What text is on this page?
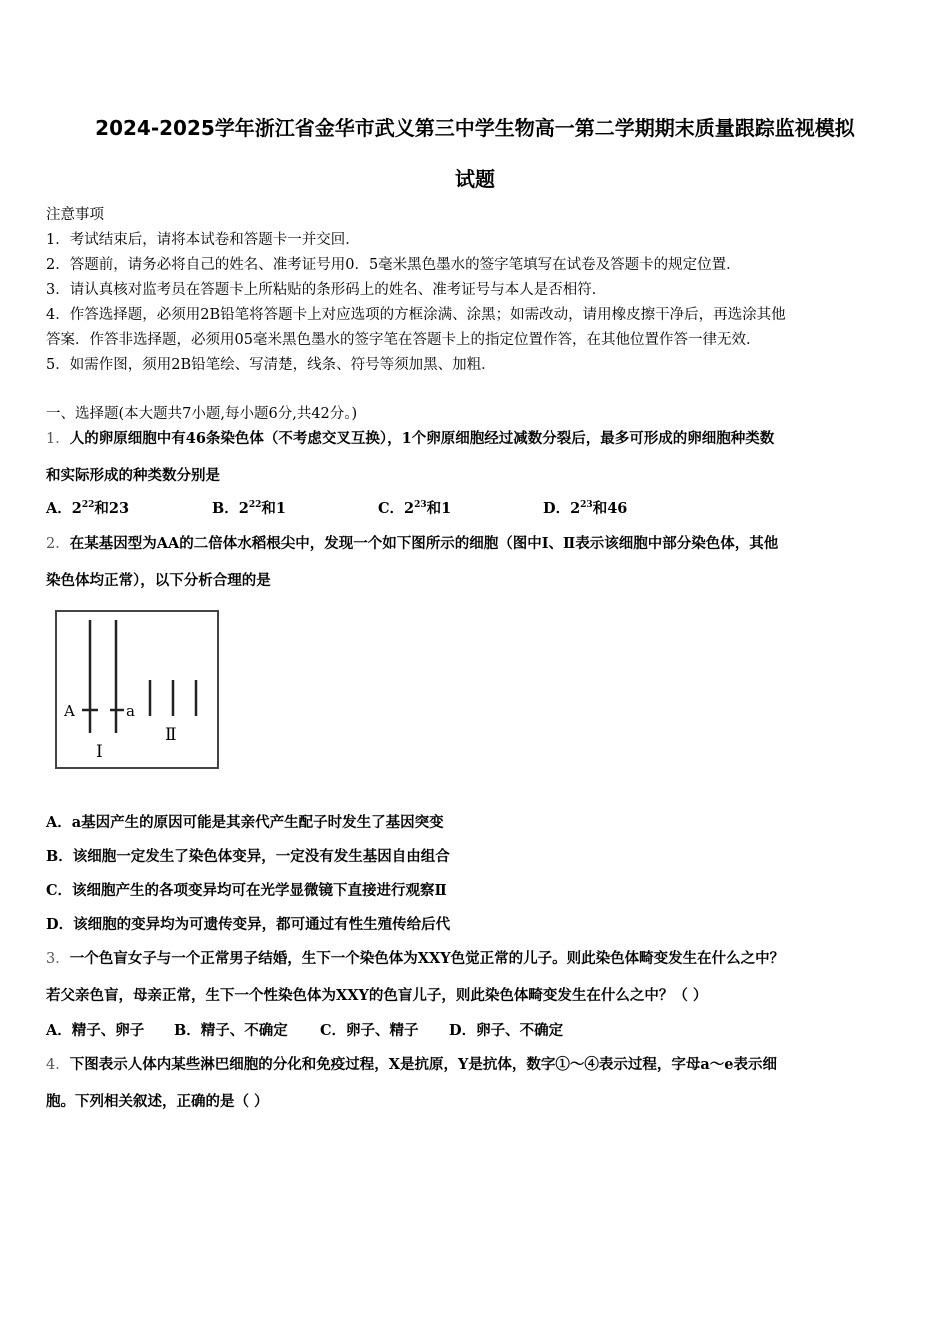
2024-2025学年浙江省金华市武义第三中学生物高一第二学期期末质量跟踪监视模拟
试题
注意事项
1．考试结束后，请将本试卷和答题卡一并交回．
2．答题前，请务必将自己的姓名、准考证号用0．5毫米黑色墨水的签字笔填写在试卷及答题卡的规定位置．
3．请认真核对监考员在答题卡上所粘贴的条形码上的姓名、准考证号与本人是否相符．
4．作答选择题，必须用2B铅笔将答题卡上对应选项的方框涂满、涂黑；如需改动，请用橡皮擦干净后，再选涂其他
答案．作答非选择题，必须用05毫米黑色墨水的签字笔在答题卡上的指定位置作答，在其他位置作答一律无效．
5．如需作图，须用2B铅笔绘、写清楚，线条、符号等须加黑、加粗．
一、选择题(本大题共7小题,每小题6分,共42分。)
1．人的卵原细胞中有46条染色体（不考虑交叉互换），1个卵原细胞经过减数分裂后，最多可形成的卵细胞种类数
和实际形成的种类数分别是
A．$2^{22}$和23	B．$2^{22}$和1	C．$2^{23}$和1	D．$2^{23}$和46
2．在某基因型为AA的二倍体水稻根尖中，发现一个如下图所示的细胞（图中Ⅰ、Ⅱ表示该细胞中部分染色体，其他
染色体均正常），以下分析合理的是
A	a
I
Ⅱ
A．a基因产生的原因可能是其亲代产生配子时发生了基因突变
B．该细胞一定发生了染色体变异，一定没有发生基因自由组合
C．该细胞产生的各项变异均可在光学显微镜下直接进行观察Ⅱ
D．该细胞的变异均为可遗传变异，都可通过有性生殖传给后代
3．一个色盲女子与一个正常男子结婚，生下一个染色体为XXY色觉正常的儿子。则此染色体畸变发生在什么之中？
若父亲色盲，母亲正常，生下一个性染色体为XXY的色盲儿子，则此染色体畸变发生在什么之中？（ ）
A．精子、卵子 B．精子、不确定 C．卵子、精子 D．卵子、不确定
4．下图表示人体内某些淋巴细胞的分化和免疫过程，X是抗原，Y是抗体，数字①～④表示过程，字母a～e表示细
胞。下列相关叙述，正确的是（ ）
